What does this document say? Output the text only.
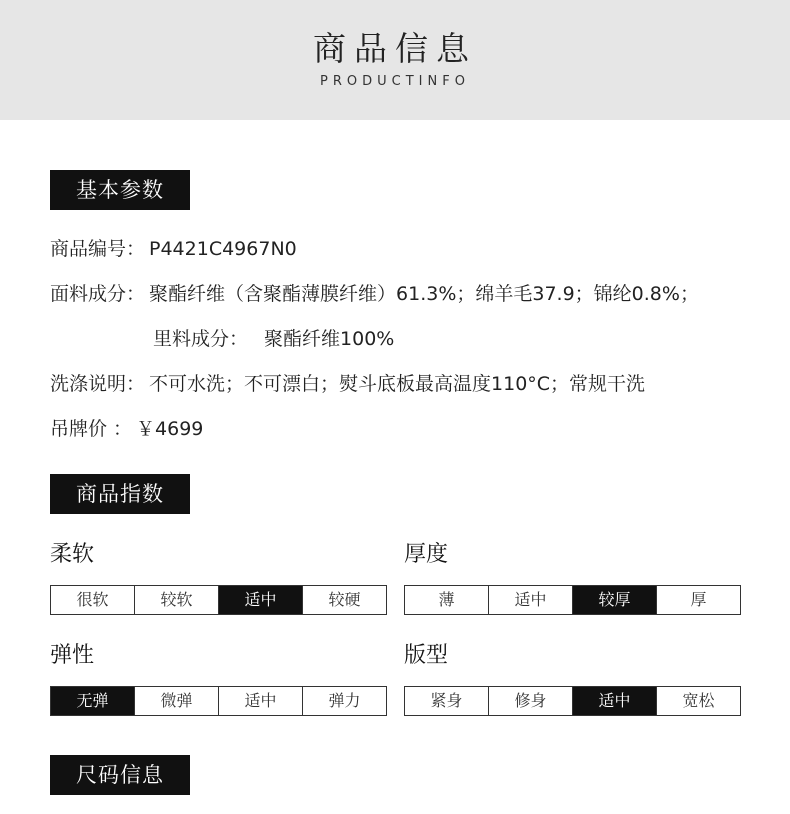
商品信息
PRODUCTINFO
基本参数
商品编号： P4421C4967N0
面料成分： 聚酯纤维（含聚酯薄膜纤维）61.3%；绵羊毛37.9；锦纶0.8%；
里料成分： 聚酯纤维100%
洗涤说明： 不可水洗；不可漂白；熨斗底板最高温度110°C；常规干洗
吊牌价 ： ￥4699
商品指数
柔软
很软	较软	适中	较硬
厚度
薄	适中	较厚	厚
弹性
无弹	微弹	适中	弹力
版型
紧身	修身	适中	宽松
尺码信息
